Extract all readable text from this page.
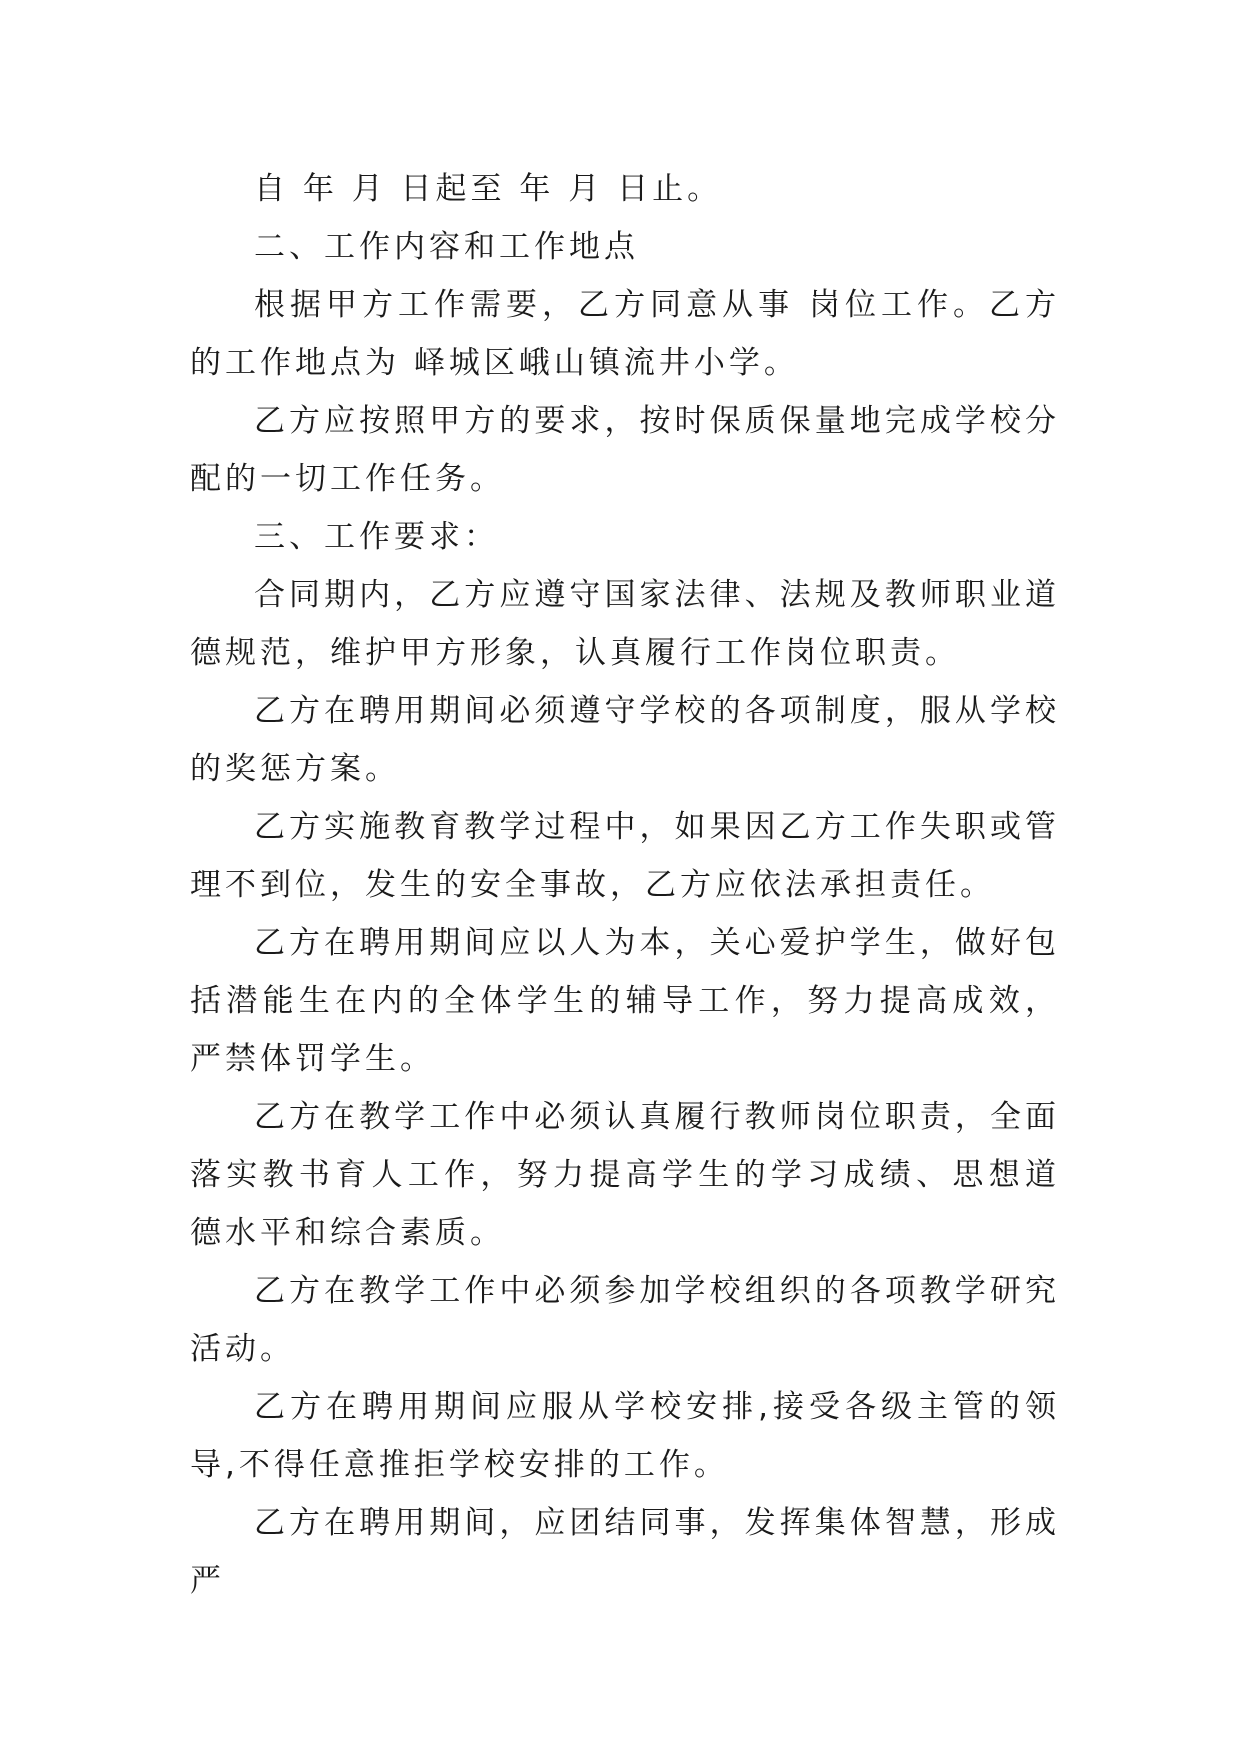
自 年 月 日起至 年 月 日止。

二、工作内容和工作地点

根据甲方工作需要，乙方同意从事 岗位工作。乙方的工作地点为 峄城区峨山镇流井小学。

乙方应按照甲方的要求，按时保质保量地完成学校分配的一切工作任务。

三、工作要求：

合同期内，乙方应遵守国家法律、法规及教师职业道德规范，维护甲方形象，认真履行工作岗位职责。

乙方在聘用期间必须遵守学校的各项制度，服从学校的奖惩方案。

乙方实施教育教学过程中，如果因乙方工作失职或管理不到位，发生的安全事故，乙方应依法承担责任。

乙方在聘用期间应以人为本，关心爱护学生，做好包括潜能生在内的全体学生的辅导工作，努力提高成效，严禁体罚学生。

乙方在教学工作中必须认真履行教师岗位职责，全面落实教书育人工作，努力提高学生的学习成绩、思想道德水平和综合素质。

乙方在教学工作中必须参加学校组织的各项教学研究活动。

乙方在聘用期间应服从学校安排,接受各级主管的领导,不得任意推拒学校安排的工作。

乙方在聘用期间，应团结同事，发挥集体智慧，形成严
